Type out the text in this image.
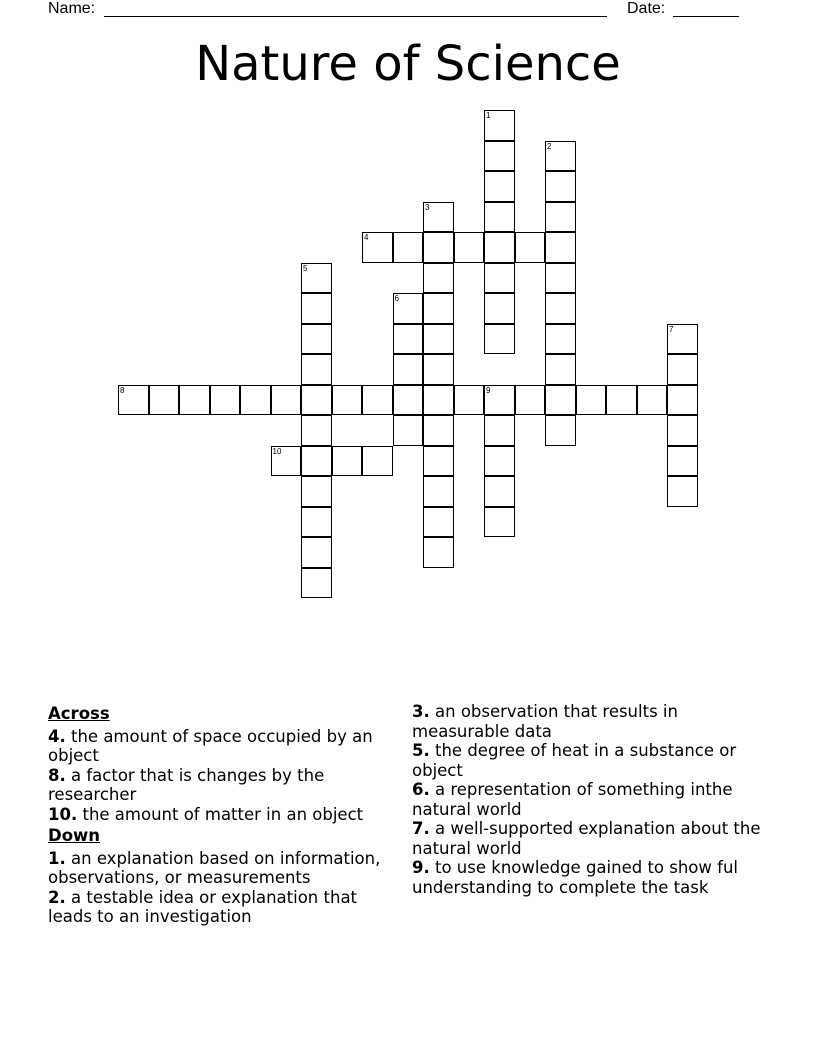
Name:	Date:
Nature of Science
1
2
3
4
5
6
7
8	9
10
Across
4. the amount of space occupied by an object
8. a factor that is changes by the researcher
10. the amount of matter in an object
Down
1. an explanation based on information, observations, or measurements
2. a testable idea or explanation that leads to an investigation
3. an observation that results in measurable data
5. the degree of heat in a substance or object
6. a representation of something inthe natural world
7. a well-supported explanation about the natural world
9. to use knowledge gained to show ful understanding to complete the task
